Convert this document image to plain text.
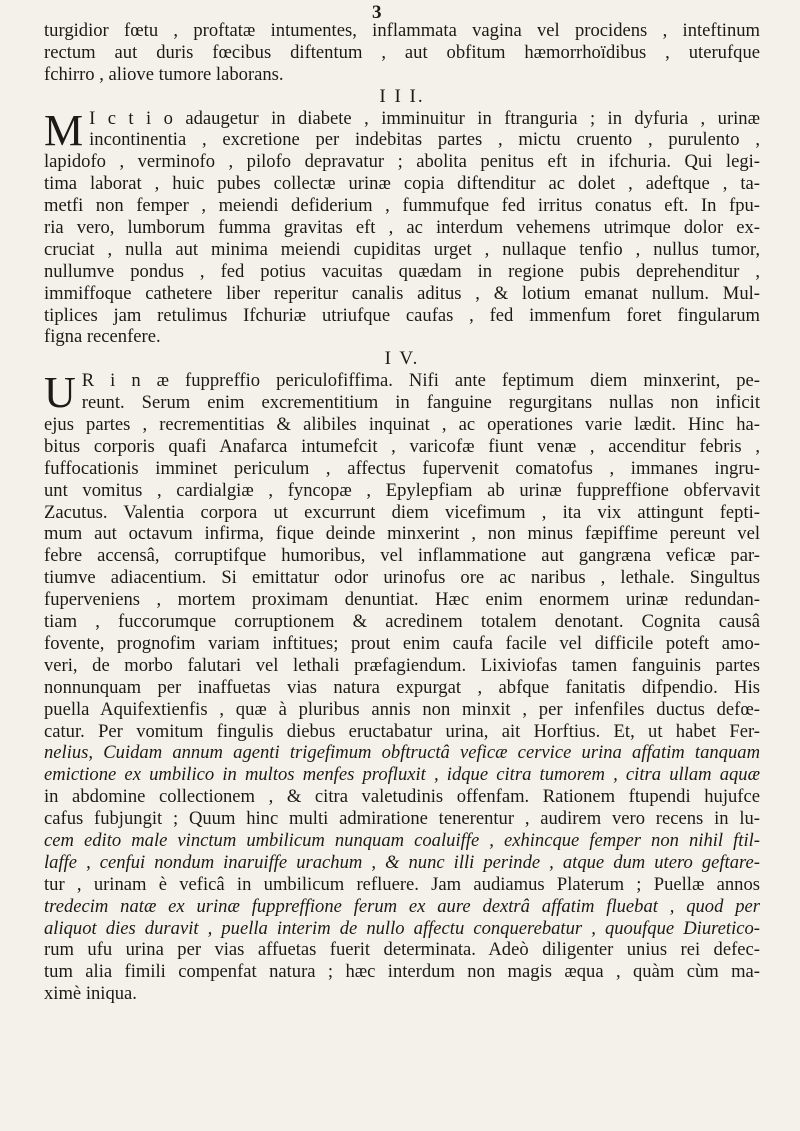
3
turgidior fœtu , proftatæ intumentes, inflammata vagina vel procidens , inteftinum
rectum aut duris fœcibus diftentum , aut obfitum hæmorrhoïdibus , uterufque
fchirro , aliove tumore laborans.
I I I.
M I c t i o adaugetur in diabete , imminuitur in ftranguria ; in dyfuria , urinæ
incontinentia , excretione per indebitas partes , mictu cruento , purulento ,
lapidofo , verminofo , pilofo depravatur ; abolita penitus eft in ifchuria. Qui legi-
tima laborat , huic pubes collectæ urinæ copia diftenditur ac dolet , adeftque , ta-
metfi non femper , meiendi defiderium , fummufque fed irritus conatus eft. In fpu-
ria vero, lumborum fumma gravitas eft , ac interdum vehemens utrimque dolor ex-
cruciat , nulla aut minima meiendi cupiditas urget , nullaque tenfio , nullus tumor,
nullumve pondus , fed potius vacuitas quædam in regione pubis deprehenditur ,
immiffoque cathetere liber reperitur canalis aditus , & lotium emanat nullum. Mul-
tiplices jam retulimus Ifchuriæ utriufque caufas , fed immenfum foret fingularum
figna recenfere.
I V.
U R i n æ fuppreffio periculofiffima. Nifi ante feptimum diem minxerint, pe-
reunt. Serum enim excrementitium in fanguine regurgitans nullas non inficit
ejus partes , recrementitias & alibiles inquinat , ac operationes varie lædit. Hinc ha-
bitus corporis quafi Anafarca intumefcit , varicofæ fiunt venæ , accenditur febris ,
fuffocationis imminet periculum , affectus fupervenit comatofus , immanes ingru-
unt vomitus , cardialgiæ , fyncopæ , Epylepfiam ab urinæ fuppreffione obfervavit
Zacutus. Valentia corpora ut excurrunt diem vicefimum , ita vix attingunt fepti-
mum aut octavum infirma, fique deinde minxerint , non minus fæpiffime pereunt vel
febre accensâ, corruptifque humoribus, vel inflammatione aut gangræna veficæ par-
tiumve adiacentium. Si emittatur odor urinofus ore ac naribus , lethale. Singultus
fuperveniens , mortem proximam denuntiat. Hæc enim enormem urinæ redundan-
tiam , fuccorumque corruptionem & acredinem totalem denotant. Cognita causâ
fovente, prognofim variam inftitues; prout enim caufa facile vel difficile poteft amo-
veri, de morbo falutari vel lethali præfagiendum. Lixiviofas tamen fanguinis partes
nonnunquam per inaffuetas vias natura expurgat , abfque fanitatis difpendio. His
puella Aquifextienfis , quæ à pluribus annis non minxit , per infenfiles ductus defœ-
catur. Per vomitum fingulis diebus eructabatur urina, ait Horftius. Et, ut habet Fer-
nelius, Cuidam annum agenti trigefimum obftructâ veficæ cervice urina affatim tanquam
emictione ex umbilico in multos menfes profluxit , idque citra tumorem , citra ullam aquæ
in abdomine collectionem , & citra valetudinis offenfam. Rationem ftupendi hujufce
cafus fubjungit ; Quum hinc multi admiratione tenerentur , audirem vero recens in lu-
cem edito male vinctum umbilicum nunquam coaluiffe , exhincque femper non nihil ftil-
laffe , cenfui nondum inaruiffe urachum , & nunc illi perinde , atque dum utero geftare-
tur , urinam è veficâ in umbilicum refluere. Jam audiamus Platerum ; Puellæ annos
tredecim natæ ex urinæ fuppreffione ferum ex aure dextrâ affatim fluebat , quod per
aliquot dies duravit , puella interim de nullo affectu conquerebatur , quoufque Diuretico-
rum ufu urina per vias affuetas fuerit determinata. Adeò diligenter unius rei defec-
tum alia fimili compenfat natura ; hæc interdum non magis æqua , quàm cùm ma-
ximè iniqua.
